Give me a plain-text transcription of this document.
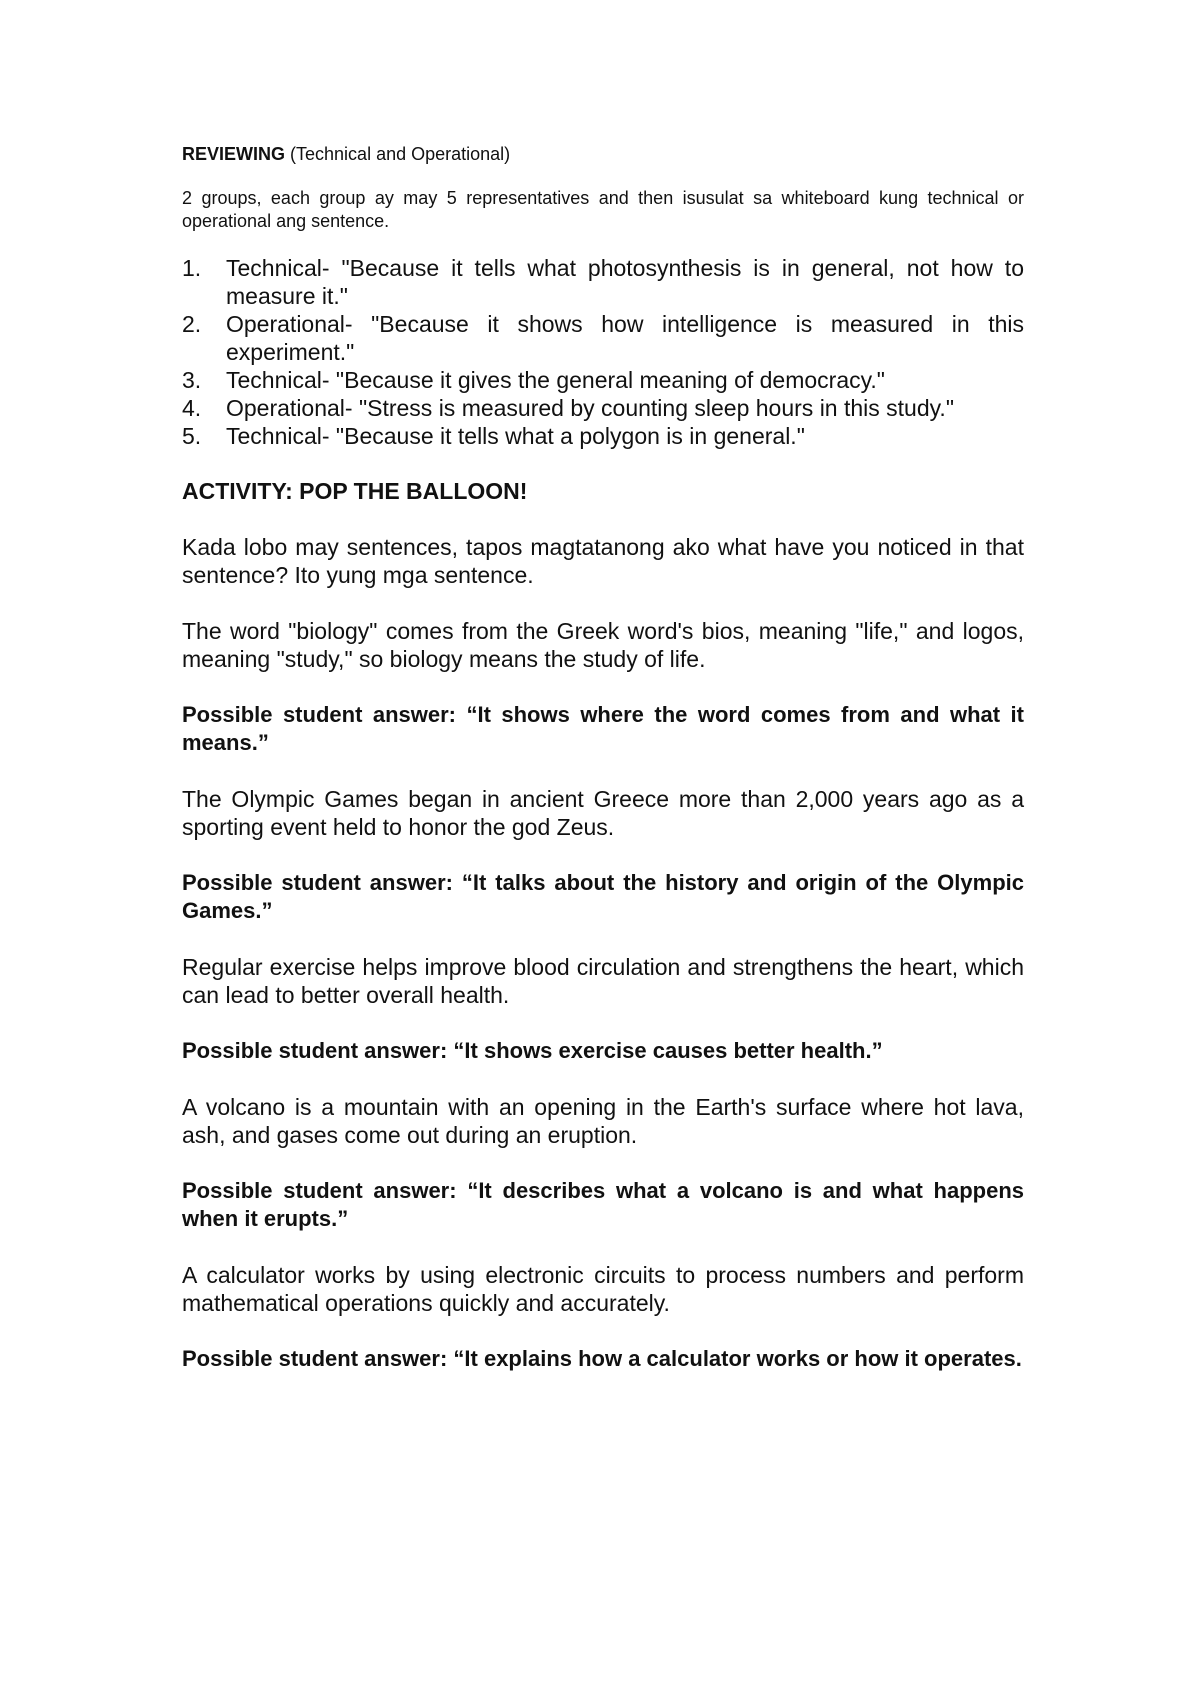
REVIEWING (Technical and Operational)

2 groups, each group ay may 5 representatives and then isusulat sa whiteboard kung technical or operational ang sentence.

1. Technical- "Because it tells what photosynthesis is in general, not how to measure it."
2. Operational- "Because it shows how intelligence is measured in this experiment."
3. Technical- "Because it gives the general meaning of democracy."
4. Operational- "Stress is measured by counting sleep hours in this study."
5. Technical- "Because it tells what a polygon is in general."

ACTIVITY: POP THE BALLOON!

Kada lobo may sentences, tapos magtatanong ako what have you noticed in that sentence? Ito yung mga sentence.

The word "biology" comes from the Greek word's bios, meaning "life," and logos, meaning "study," so biology means the study of life.

Possible student answer: “It shows where the word comes from and what it means.”

The Olympic Games began in ancient Greece more than 2,000 years ago as a sporting event held to honor the god Zeus.

Possible student answer: “It talks about the history and origin of the Olympic Games.”

Regular exercise helps improve blood circulation and strengthens the heart, which can lead to better overall health.

Possible student answer: “It shows exercise causes better health.”

A volcano is a mountain with an opening in the Earth's surface where hot lava, ash, and gases come out during an eruption.

Possible student answer: “It describes what a volcano is and what happens when it erupts.”

A calculator works by using electronic circuits to process numbers and perform mathematical operations quickly and accurately.

Possible student answer: “It explains how a calculator works or how it operates.
